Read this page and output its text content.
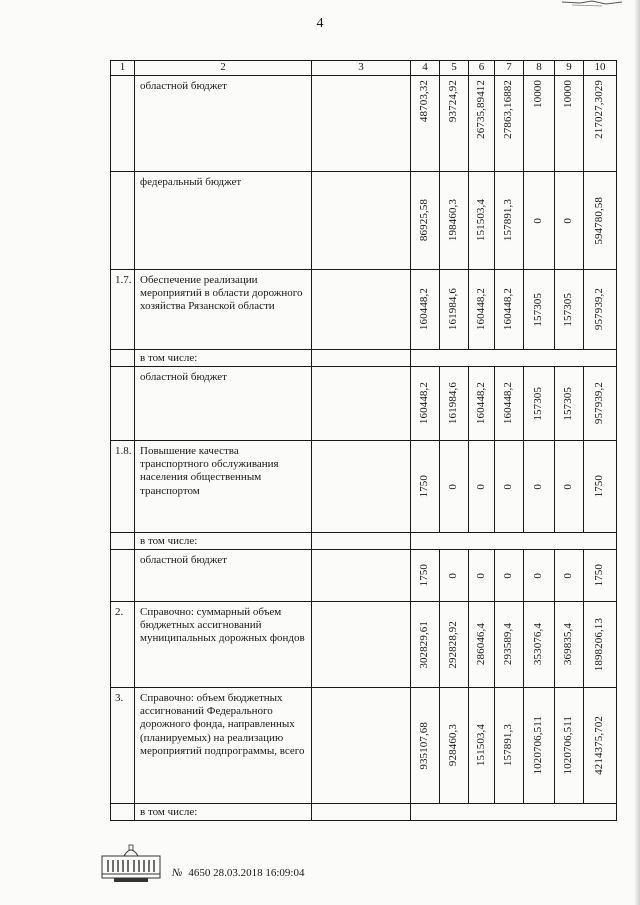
4
1	2	3	4	5	6	7	8	9	10
	областной бюджет		48703,32	93724,92	26735,89412	27863,16882	10000	10000	217027,3029

	федеральный бюджет		86925,58	198460,3	151503,4	157891,3	0	0	594780,58

1.7.	Обеспечение реализации мероприятий в области дорожного хозяйства Рязанской области		160448,2	161984,6	160448,2	160448,2	157305	157305	957939,2

	в том числе:								
	областной бюджет		160448,2	161984,6	160448,2	160448,2	157305	157305	957939,2

1.8.	Повышение качества транспортного обслуживания населения общественным транспортом		1750	0	0	0	0	0	1750

	в том числе:								
	областной бюджет		1750	0	0	0	0	0	1750

2.	Справочно: суммарный объем бюджетных ассигнований муниципальных дорожных фондов		302829,61	292828,92	286046,4	293589,4	353076,4	369835,4	1898206,13

3.	Справочно: объем бюджетных ассигнований Федерального дорожного фонда, направленных (планируемых) на реализацию мероприятий подпрограммы, всего		935107,68	928460,3	151503,4	157891,3	1020706,511	1020706,511	4214375,702

	в том числе:								
№ 4650 28.03.2018 16:09:04
